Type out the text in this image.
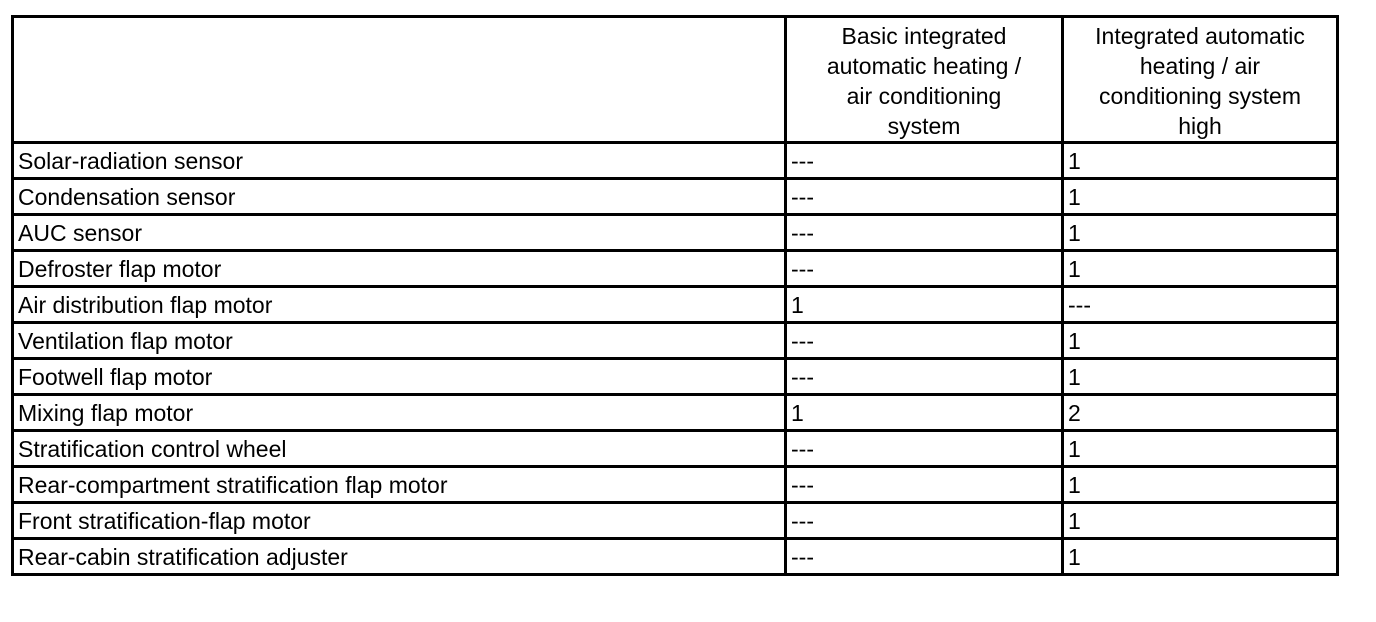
	Basic integrated
automatic heating /
air conditioning
system	Integrated automatic
heating / air
conditioning system
high

Solar-radiation sensor	---	1
Condensation sensor	---	1
AUC sensor	---	1
Defroster flap motor	---	1
Air distribution flap motor	1	---
Ventilation flap motor	---	1
Footwell flap motor	---	1
Mixing flap motor	1	2
Stratification control wheel	---	1
Rear-compartment stratification flap motor	---	1
Front stratification-flap motor	---	1
Rear-cabin stratification adjuster	---	1
